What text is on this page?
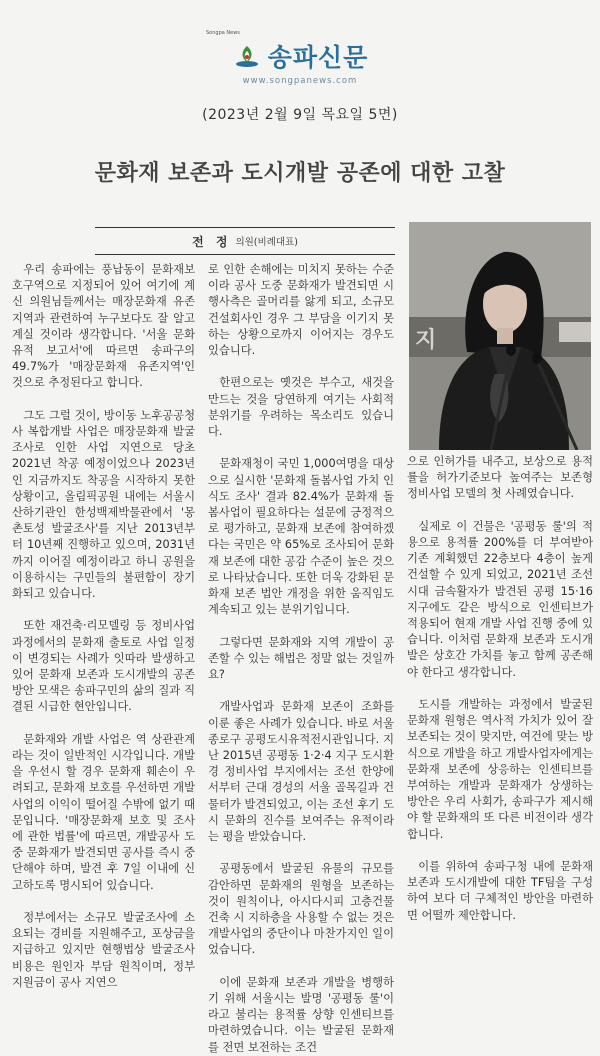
송파신문
www.songpanews.com
Songpa News
(2023년 2월 9일 목요일 5면)
문화재 보존과 도시개발 공존에 대한 고찰
전 정 의원(비례대표)
지

우리 송파에는 풍납동이 문화재보호구역으로 지정되어 있어 여기에 계신 의원님들께서는 매장문화재 유존지역과 관련하여 누구보다도 잘 알고 계실 것이라 생각합니다. '서울 문화유적 보고서'에 따르면 송파구의 49.7%가 '매장문화재 유존지역'인 것으로 추정된다고 합니다.

그도 그럴 것이, 방이동 노후공공청사 복합개발 사업은 매장문화재 발굴조사로 인한 사업 지연으로 당초 2021년 착공 예정이었으나 2023년인 지금까지도 착공을 시작하지 못한 상황이고, 올림픽공원 내에는 서울시 산하기관인 한성백제박물관에서 '몽촌토성 발굴조사'를 지난 2013년부터 10년째 진행하고 있으며, 2031년까지 이어질 예정이라고 하니 공원을 이용하시는 구민들의 불편함이 장기화되고 있습니다.

또한 재건축·리모델링 등 정비사업 과정에서의 문화재 출토로 사업 일정이 변경되는 사례가 잇따라 발생하고 있어 문화재 보존과 도시개발의 공존 방안 모색은 송파구민의 삶의 질과 직결된 시급한 현안입니다.

문화재와 개발 사업은 역 상관관계라는 것이 일반적인 시각입니다. 개발을 우선시 할 경우 문화재 훼손이 우려되고, 문화재 보호를 우선하면 개발 사업의 이익이 떨어질 수밖에 없기 때문입니다. '매장문화재 보호 및 조사에 관한 법률'에 따르면, 개발공사 도중 문화재가 발견되면 공사를 즉시 중단해야 하며, 발견 후 7일 이내에 신고하도록 명시되어 있습니다.

정부에서는 소규모 발굴조사에 소요되는 경비를 지원해주고, 포상금을 지급하고 있지만 현행법상 발굴조사비용은 원인자 부담 원칙이며, 정부 지원금이 공사 지연으

로 인한 손해에는 미치지 못하는 수준이라 공사 도중 문화재가 발견되면 시행사측은 골머리를 앓게 되고, 소규모 건설회사인 경우 그 부담을 이기지 못하는 상황으로까지 이어지는 경우도 있습니다.

한편으로는 옛것은 부수고, 새것을 만드는 것을 당연하게 여기는 사회적 분위기를 우려하는 목소리도 있습니다.

문화재청이 국민 1,000여명을 대상으로 실시한 '문화재 돌봄사업 가치 인식도 조사' 결과 82.4%가 문화재 돌봄사업이 필요하다는 설문에 긍정적으로 평가하고, 문화재 보존에 참여하겠다는 국민은 약 65%로 조사되어 문화재 보존에 대한 공감 수준이 높은 것으로 나타났습니다. 또한 더욱 강화된 문화재 보존 법안 개정을 위한 움직임도 계속되고 있는 분위기입니다.

그렇다면 문화재와 지역 개발이 공존할 수 있는 해법은 정말 없는 것일까요?

개발사업과 문화재 보존이 조화를 이룬 좋은 사례가 있습니다. 바로 서울 종로구 공평도시유적전시관입니다. 지난 2015년 공평동 1·2·4 지구 도시환경 정비사업 부지에서는 조선 한양에서부터 근대 경성의 서울 골목길과 건물터가 발견되었고, 이는 조선 후기 도시 문화의 진수를 보여주는 유적이라는 평을 받았습니다.

공평동에서 발굴된 유물의 규모를 감안하면 문화재의 원형을 보존하는 것이 원칙이나, 아시다시피 고층건물 건축 시 지하층을 사용할 수 없는 것은 개발사업의 중단이나 마찬가지인 일이었습니다.

이에 문화재 보존과 개발을 병행하기 위해 서울시는 발명 '공평동 룰'이라고 불리는 용적률 상향 인센티브를 마련하였습니다. 이는 발굴된 문화재를 전면 보전하는 조건

으로 인허가를 내주고, 보상으로 용적률을 허가기준보다 높여주는 보존형 정비사업 모델의 첫 사례였습니다.

실제로 이 건물은 '공평동 룰'의 적용으로 용적률 200%를 더 부여받아 기존 계획했던 22층보다 4층이 높게 건설할 수 있게 되었고, 2021년 조선시대 금속활자가 발견된 공평 15·16지구에도 같은 방식으로 인센티브가 적용되어 현재 개발 사업 진행 중에 있습니다. 이처럼 문화재 보존과 도시개발은 상호간 가치를 놓고 함께 공존해야 한다고 생각합니다.

도시를 개발하는 과정에서 발굴된 문화재 원형은 역사적 가치가 있어 잘 보존되는 것이 맞지만, 여건에 맞는 방식으로 개발을 하고 개발사업자에게는 문화재 보존에 상응하는 인센티브를 부여하는 개발과 문화재가 상생하는 방안은 우리 사회가, 송파구가 제시해야 할 문화재의 또 다른 비전이라 생각합니다.

이를 위하여 송파구청 내에 문화재 보존과 도시개발에 대한 TF팀을 구성하여 보다 더 구체적인 방안을 마련하면 어떨까 제안합니다.
